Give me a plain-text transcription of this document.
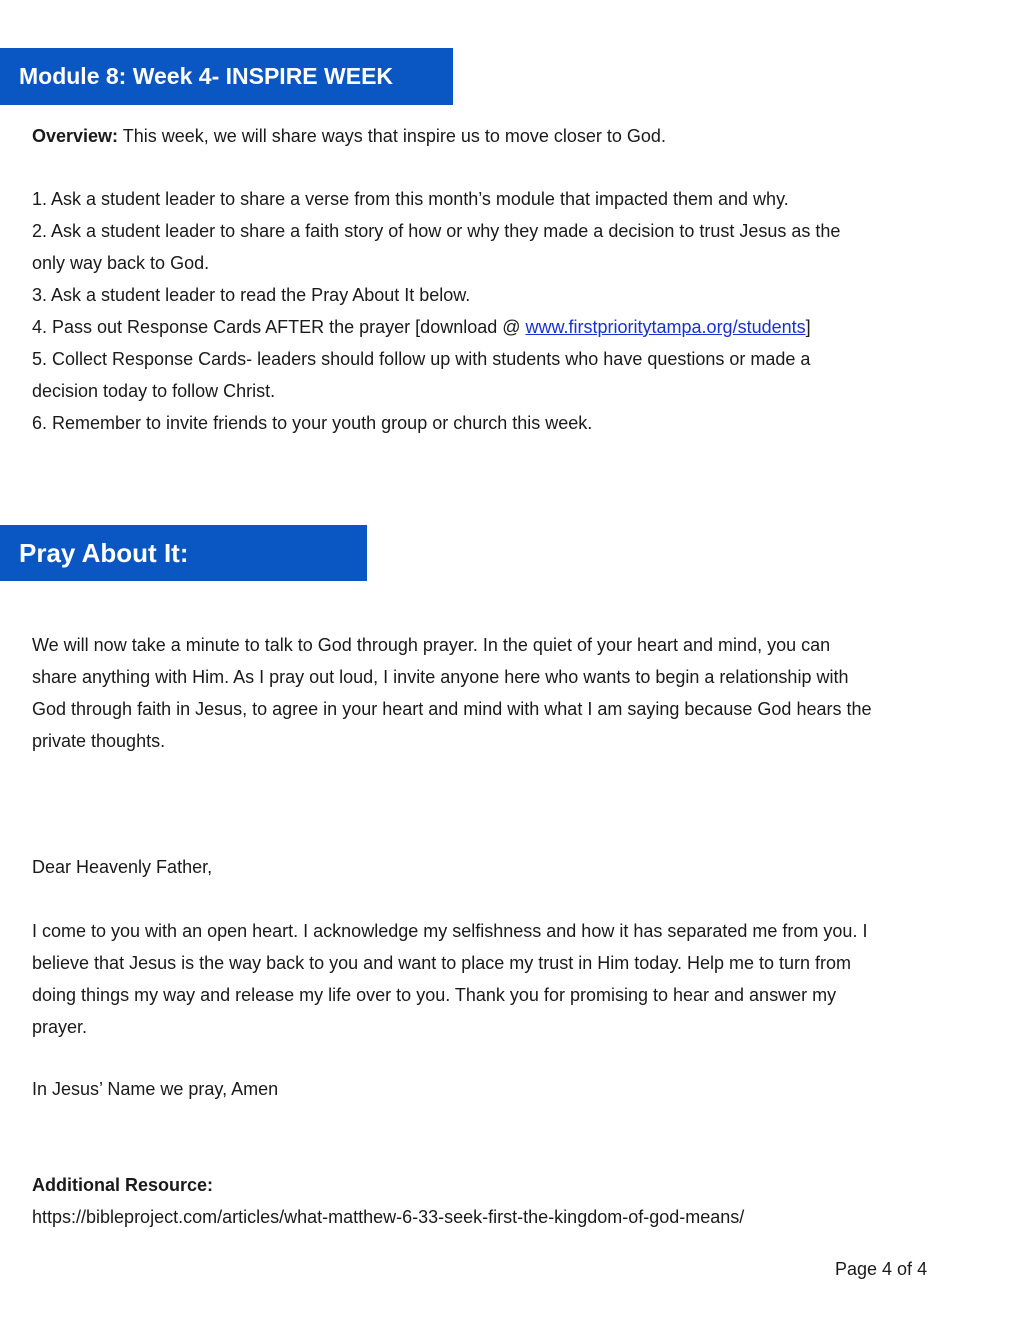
Module 8: Week 4- INSPIRE WEEK

Overview: This week, we will share ways that inspire us to move closer to God.

1. Ask a student leader to share a verse from this month’s module that impacted them and why.
2. Ask a student leader to share a faith story of how or why they made a decision to trust Jesus as the
only way back to God.
3. Ask a student leader to read the Pray About It below.
4. Pass out Response Cards AFTER the prayer [download @ www.firstprioritytampa.org/students]
5. Collect Response Cards- leaders should follow up with students who have questions or made a
decision today to follow Christ.
6. Remember to invite friends to your youth group or church this week.
Pray About It:
We will now take a minute to talk to God through prayer. In the quiet of your heart and mind, you can
share anything with Him. As I pray out loud, I invite anyone here who wants to begin a relationship with
God through faith in Jesus, to agree in your heart and mind with what I am saying because God hears the
private thoughts.

Dear Heavenly Father,

I come to you with an open heart. I acknowledge my selfishness and how it has separated me from you. I
believe that Jesus is the way back to you and want to place my trust in Him today. Help me to turn from
doing things my way and release my life over to you. Thank you for promising to hear and answer my
prayer.

In Jesus’ Name we pray, Amen

Additional Resource:

https://bibleproject.com/articles/what-matthew-6-33-seek-first-the-kingdom-of-god-means/

Page 4 of 4
